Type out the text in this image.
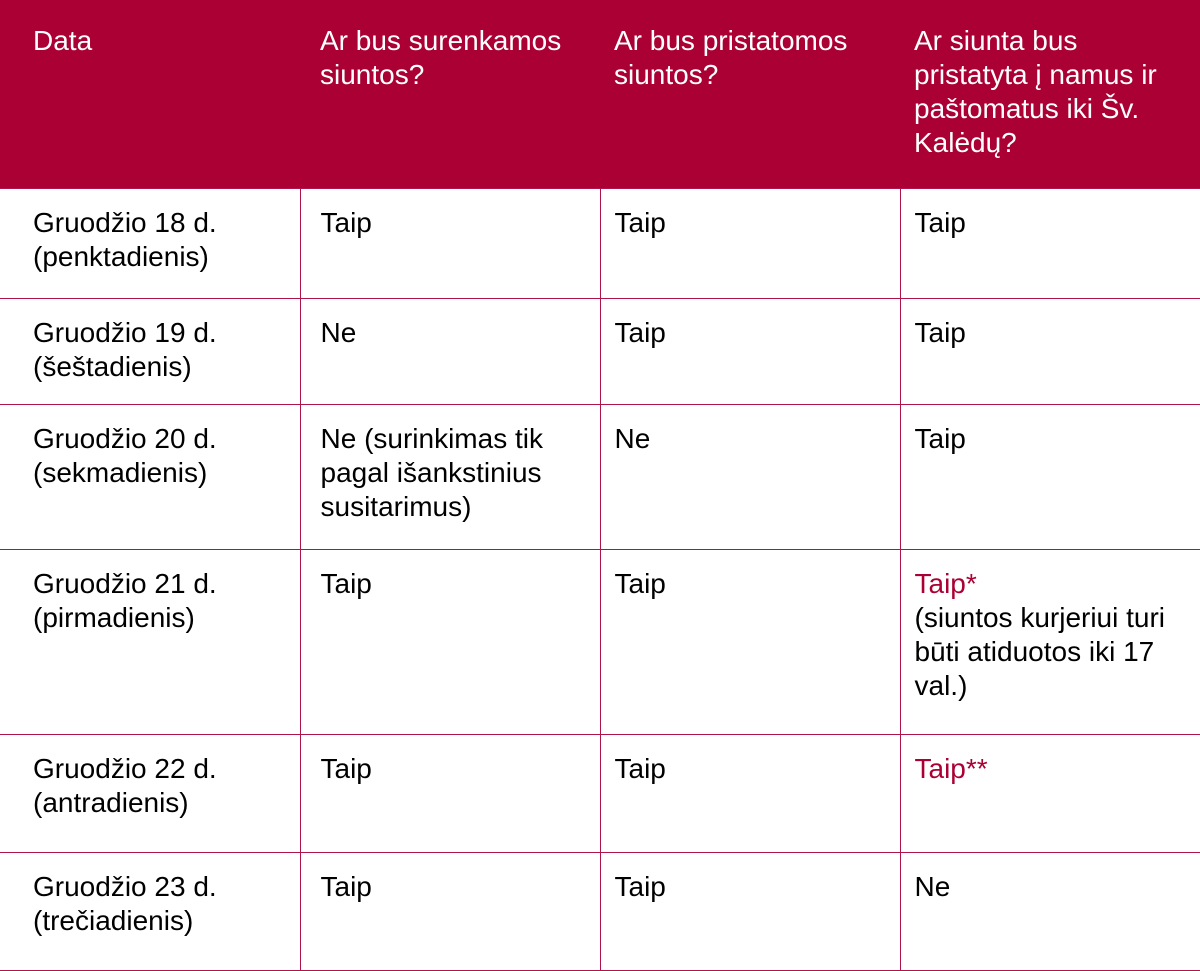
Data	Ar bus surenkamos siuntos?	Ar bus pristatomos siuntos?	Ar siunta bus pristatyta į namus ir paštomatus iki Šv. Kalėdų?

Gruodžio 18 d.
(penktadienis)	Taip	Taip	Taip

Gruodžio 19 d.
(šeštadienis)	Ne	Taip	Taip

Gruodžio 20 d.
(sekmadienis)	Ne (surinkimas tik pagal išankstinius susitarimus)	Ne	Taip

Gruodžio 21 d.
(pirmadienis)	Taip	Taip	Taip*
(siuntos kurjeriui turi būti atiduotos iki 17 val.)

Gruodžio 22 d.
(antradienis)	Taip	Taip	Taip**

Gruodžio 23 d.
(trečiadienis)	Taip	Taip	Ne
